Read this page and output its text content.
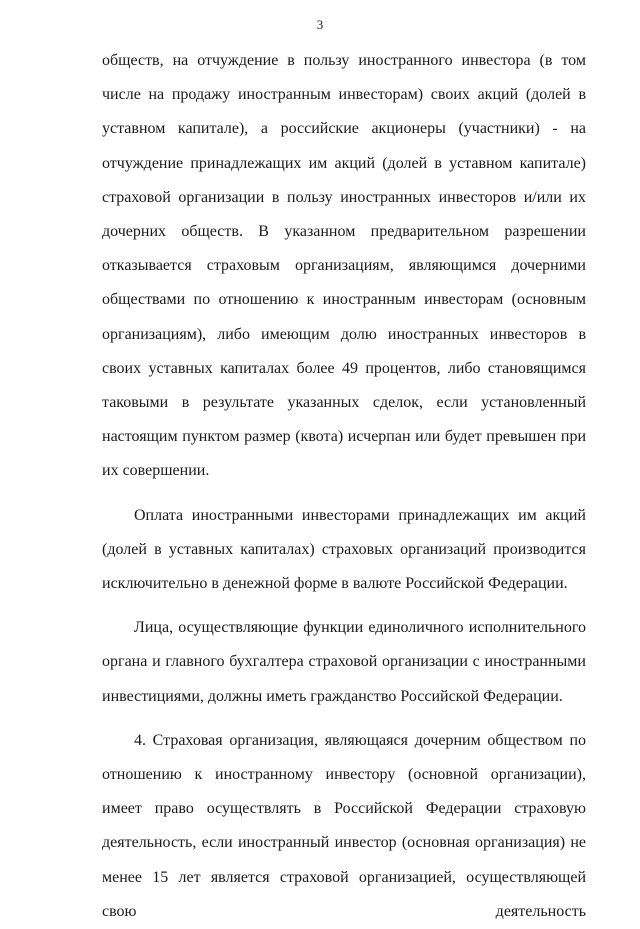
3

обществ, на отчуждение в пользу иностранного инвестора (в том числе на продажу иностранным инвесторам) своих акций (долей в уставном капитале), а российские акционеры (участники) - на отчуждение принадлежащих им акций (долей в уставном капитале) страховой организации в пользу иностранных инвесторов и/или их дочерних обществ. В указанном предварительном разрешении отказывается страховым организациям, являющимся дочерними обществами по отношению к иностранным инвесторам (основным организациям), либо имеющим долю иностранных инвесторов в своих уставных капиталах более 49 процентов, либо становящимся таковыми в результате указанных сделок, если установленный настоящим пунктом размер (квота) исчерпан или будет превышен при их совершении.

Оплата иностранными инвесторами принадлежащих им акций (долей в уставных капиталах) страховых организаций производится исключительно в денежной форме в валюте Российской Федерации.

Лица, осуществляющие функции единоличного исполнительного органа и главного бухгалтера страховой организации с иностранными инвестициями, должны иметь гражданство Российской Федерации.

4. Страховая организация, являющаяся дочерним обществом по отношению к иностранному инвестору (основной организации), имеет право осуществлять в Российской Федерации страховую деятельность, если иностранный инвестор (основная организация) не менее 15 лет является страховой организацией, осуществляющей свою деятельность
